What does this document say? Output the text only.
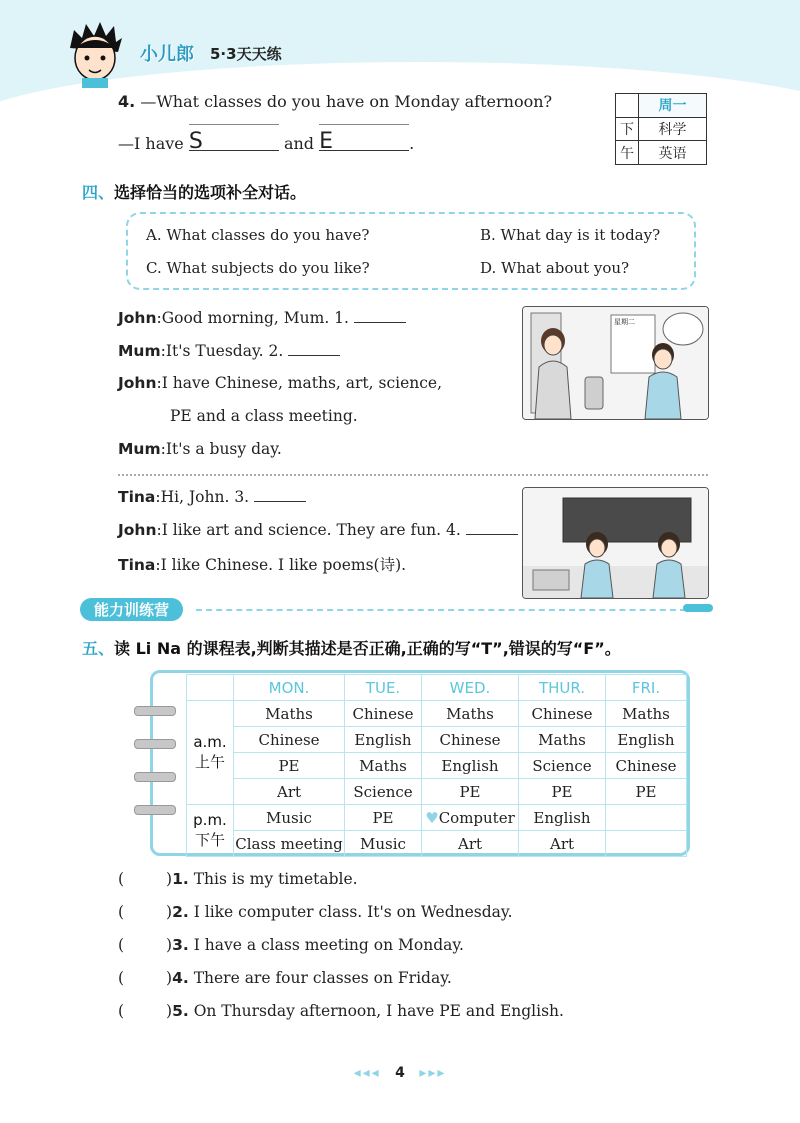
小儿郎 5·3天天练
4. —What classes do you have on Monday afternoon?
—I have S	and E	.
	周一
下	科学
午	英语
四、选择恰当的选项补全对话。
A. What classes do you have?	B. What day is it today?
C. What subjects do you like?	D. What about you?
John:Good morning, Mum. 1.
Mum:It's Tuesday. 2.
John:I have Chinese, maths, art, science,
PE and a class meeting.
Mum:It's a busy day.
星期二
Tina:Hi, John. 3.
John:I like art and science. They are fun. 4.
Tina:I like Chinese. I like poems(诗).
能力训练营
五、读 Li Na 的课程表,判断其描述是否正确,正确的写“T”,错误的写“F”。
	MON.	TUE.	WED.	THUR.	FRI.

a.m.
上午	Maths	Chinese	Maths	Chinese	Maths
	Chinese	English	Chinese	Maths	English
	PE	Maths	English	Science	Chinese
	Art	Science	PE	PE	PE

p.m.
下午	Music	PE	♥Computer	English	
	Class meeting	Music	Art	Art	
(	)1. This is my timetable.
(	)2. I like computer class. It's on Wednesday.
(	)3. I have a class meeting on Monday.
(	)4. There are four classes on Friday.
(	)5. On Thursday afternoon, I have PE and English.
◂◂◂ 4 ▸▸▸
